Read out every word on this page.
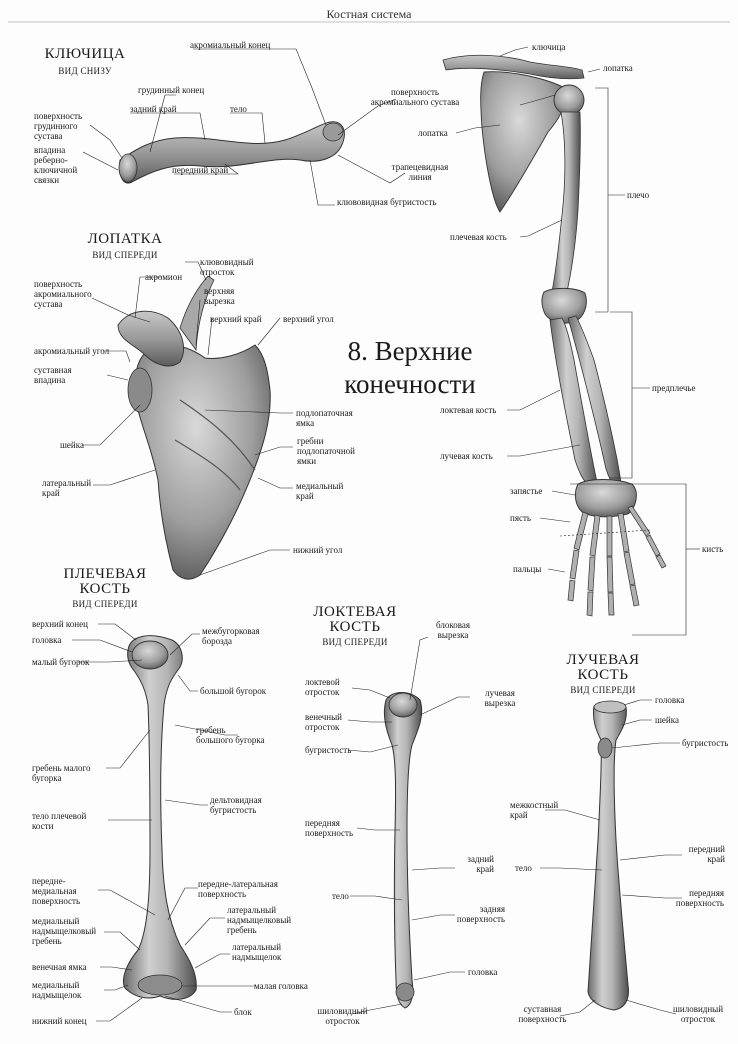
Костная система
8. Верхние
конечности
КЛЮЧИЦА
ВИД СНИЗУ
ЛОПАТКА
ВИД СПЕРЕДИ
ПЛЕЧЕВАЯ
КОСТЬ
ВИД СПЕРЕДИ	ЛОКТЕВАЯ
КОСТЬ
ВИД СПЕРЕДИ
ЛУЧЕВАЯ
КОСТЬ
ВИД СПЕРЕДИ
акромиальный конец
грудинный конец
задний край	тело
поверхность
грудинного
сустава
впадина
реберно-
ключичной
связки
передний край
поверхность
акромиального сустава
трапецевидная
линия
клювовидная бугристость
ключица
лопатка
лопатка
плечо
плечевая кость
предплечье
локтевая кость
лучевая кость
запястье
пясть
пальцы
кисть
клювовидный
отросток
акромион
поверхность
акромиального
сустава
верхняя
вырезка
верхний край верхний угол
акромиальный угол
суставная
впадина
подлопаточная
ямка
гребни
подлопаточной
ямки
шейка
латеральный
край
медиальный
край
нижний угол
верхний конец
головка
малый бугорок
межбугорковая
борозда
большой бугорок
гребень
большого бугорка
гребень малого
бугорка
дельтовидная
бугристость
тело плечевой
кости
передне-
медиальная
поверхность
передне-латеральная
поверхность
латеральный
надмыщелковый
гребень
медиальный
надмыщелковый
гребень
латеральный
надмыщелок
венечная ямка
малая головка
медиальный
надмыщелок
блок
нижний конец
блоковая
вырезка
локтевой
отросток	лучевая
вырезка
венечный
отросток
бугристость
передняя
поверхность
задний
край
тело
задняя
поверхность
головка
шиловидный
отросток
головка
шейка
бугристость
межкостный
край
передний
край
тело
передняя
поверхность
суставная
поверхность
шиловидный
отросток
